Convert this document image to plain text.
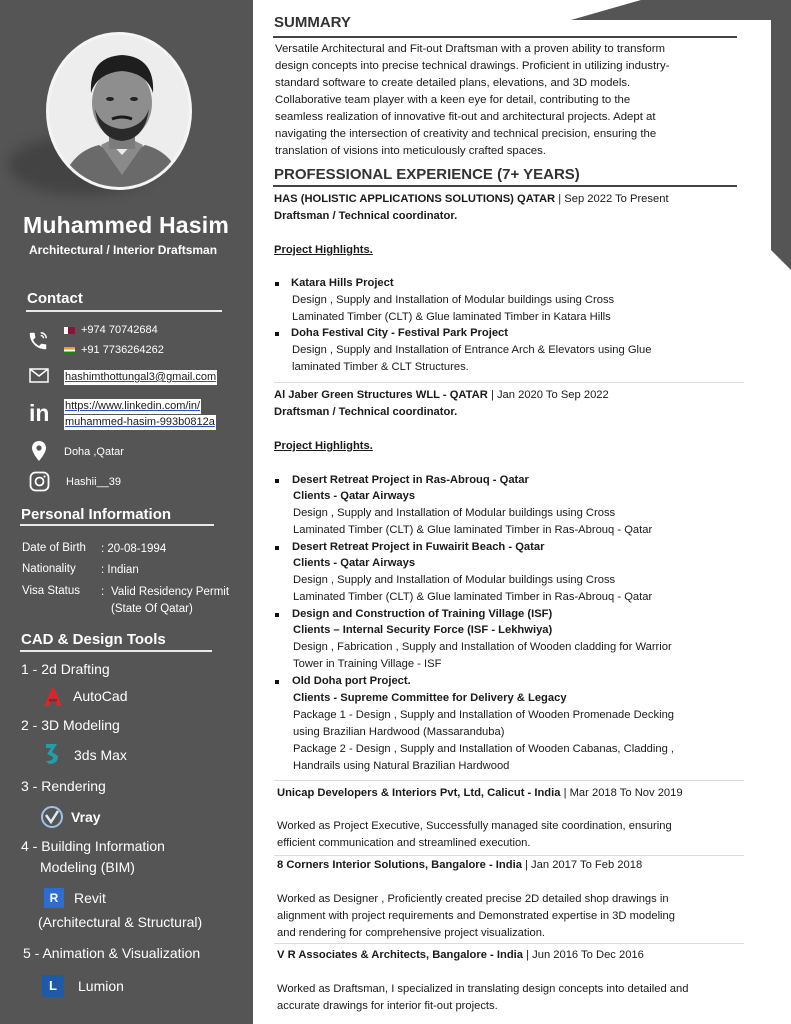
Muhammed Hasim
Architectural / Interior Draftsman
Contact
+974 70742684
+91 7736264262
hashimthottungal3@gmail.com
in https://www.linkedin.com/in/
muhammed-hasim-993b0812a
Doha ,Qatar
Hashii__39
Personal Information
Date of Birth : 20-08-1994
Nationality : Indian
Visa Status : Valid Residency Permit
(State Of Qatar)
CAD & Design Tools
1 - 2d Drafting
AutoCad
2 - 3D Modeling
3ds Max
3 - Rendering
Vray
4 - Building Information
Modeling (BIM)
R	Revit
(Architectural & Structural)
5 - Animation & Visualization
L	Lumion
SUMMARY
Versatile Architectural and Fit-out Draftsman with a proven ability to transform
design concepts into precise technical drawings. Proficient in utilizing industry-
standard software to create detailed plans, elevations, and 3D models.
Collaborative team player with a keen eye for detail, contributing to the
seamless realization of innovative fit-out and architectural projects. Adept at
navigating the intersection of creativity and technical precision, ensuring the
translation of visions into meticulously crafted spaces.
PROFESSIONAL EXPERIENCE (7+ YEARS)
HAS (HOLISTIC APPLICATIONS SOLUTIONS) QATAR | Sep 2022 To Present
Draftsman / Technical coordinator.
Project Highlights.
Katara Hills Project
Design , Supply and Installation of Modular buildings using Cross
Laminated Timber (CLT) & Glue laminated Timber in Katara Hills
Doha Festival City - Festival Park Project
Design , Supply and Installation of Entrance Arch & Elevators using Glue
laminated Timber & CLT Structures.
Al Jaber Green Structures WLL - QATAR | Jan 2020 To Sep 2022
Draftsman / Technical coordinator.
Project Highlights.
Desert Retreat Project in Ras-Abrouq - Qatar
Clients - Qatar Airways
Design , Supply and Installation of Modular buildings using Cross
Laminated Timber (CLT) & Glue laminated Timber in Ras-Abrouq - Qatar
Desert Retreat Project in Fuwairit Beach - Qatar
Clients - Qatar Airways
Design , Supply and Installation of Modular buildings using Cross
Laminated Timber (CLT) & Glue laminated Timber in Ras-Abrouq - Qatar
Design and Construction of Training Village (ISF)
Clients – Internal Security Force (ISF - Lekhwiya)
Design , Fabrication , Supply and Installation of Wooden cladding for Warrior
Tower in Training Village - ISF
Old Doha port Project.
Clients - Supreme Committee for Delivery & Legacy
Package 1 - Design , Supply and Installation of Wooden Promenade Decking
using Brazilian Hardwood (Massaranduba)
Package 2 - Design , Supply and Installation of Wooden Cabanas, Cladding ,
Handrails using Natural Brazilian Hardwood
Unicap Developers & Interiors Pvt, Ltd, Calicut - India | Mar 2018 To Nov 2019
Worked as Project Executive, Successfully managed site coordination, ensuring
efficient communication and streamlined execution.
8 Corners Interior Solutions, Bangalore - India | Jan 2017 To Feb 2018
Worked as Designer , Proficiently created precise 2D detailed shop drawings in
alignment with project requirements and Demonstrated expertise in 3D modeling
and rendering for comprehensive project visualization.
V R Associates & Architects, Bangalore - India | Jun 2016 To Dec 2016
Worked as Draftsman, I specialized in translating design concepts into detailed and
accurate drawings for interior fit-out projects.
